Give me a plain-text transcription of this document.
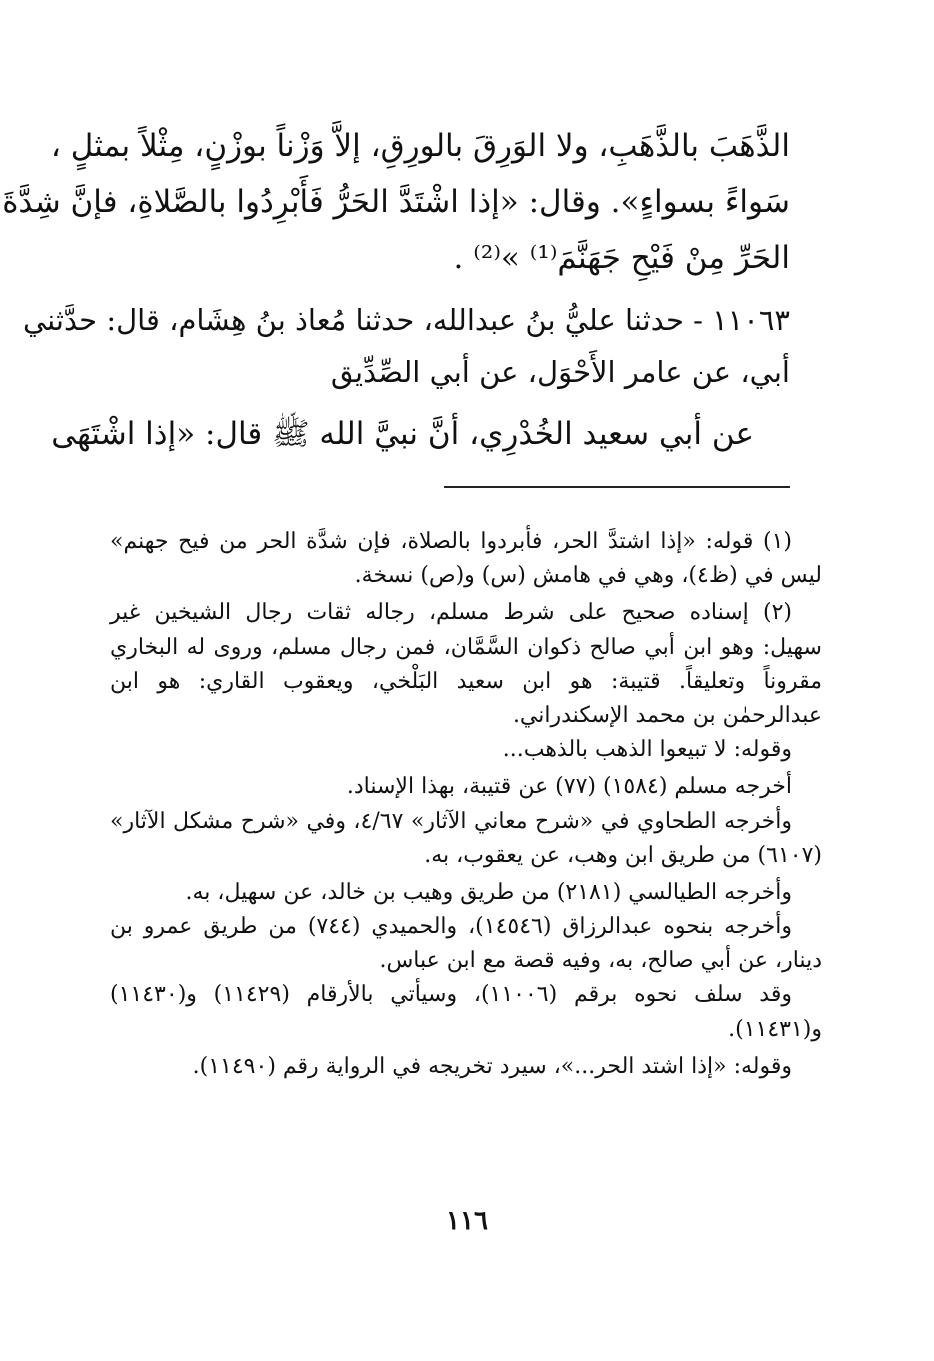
الذَّهَبَ بالذَّهَبِ، ولا الوَرِقَ بالورِقِ، إلاَّ وَزْناً بوزْنٍ، مِثْلاً بمثلٍ ،
سَواءً بسواءٍ». وقال: «إذا اشْتَدَّ الحَرُّ فَأَبْرِدُوا بالصَّلاةِ، فإنَّ شِدَّةَ
الحَرِّ مِنْ فَيْحِ جَهَنَّمَ⁽¹⁾ »⁽²⁾ .
١١٠٦٣ - حدثنا عليُّ بنُ عبدالله، حدثنا مُعاذ بنُ هِشَام، قال: حدَّثني
أبي، عن عامر الأَحْوَل، عن أبي الصِّدِّيق
عن أبي سعيد الخُدْرِي، أنَّ نبيَّ الله ﷺ قال: «إذا اشْتَهَى
(١) قوله: «إذا اشتدَّ الحر، فأبردوا بالصلاة، فإن شدَّة الحر من فيح جهنم»
ليس في (ظ٤)، وهي في هامش (س) و(ص) نسخة.
(٢) إسناده صحيح على شرط مسلم، رجاله ثقات رجال الشيخين غير
سهيل: وهو ابن أبي صالح ذكوان السَّمَّان، فمن رجال مسلم، وروى له البخاري
مقروناً وتعليقاً. قتيبة: هو ابن سعيد البَلْخي، ويعقوب القاري: هو ابن
عبدالرحمٰن بن محمد الإسكندراني.
وقوله: لا تبيعوا الذهب بالذهب...
أخرجه مسلم (١٥٨٤) (٧٧) عن قتيبة، بهذا الإسناد.
وأخرجه الطحاوي في «شرح معاني الآثار» ٤/٦٧، وفي «شرح مشكل الآثار»
(٦١٠٧) من طريق ابن وهب، عن يعقوب، به.
وأخرجه الطيالسي (٢١٨١) من طريق وهيب بن خالد، عن سهيل، به.
وأخرجه بنحوه عبدالرزاق (١٤٥٤٦)، والحميدي (٧٤٤) من طريق عمرو بن
دينار، عن أبي صالح، به، وفيه قصة مع ابن عباس.
وقد سلف نحوه برقم (١١٠٠٦)، وسيأتي بالأرقام (١١٤٢٩) و(١١٤٣٠)
و(١١٤٣١).
وقوله: «إذا اشتد الحر...»، سيرد تخريجه في الرواية رقم (١١٤٩٠).
١١٦
